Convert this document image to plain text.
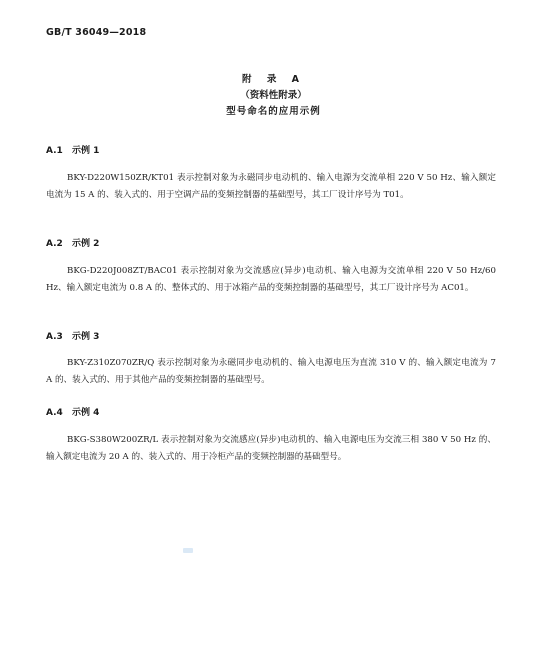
GB/T 36049—2018
附 录 A
（资料性附录）
型号命名的应用示例
A.1 示例 1
BKY-D220W150ZR/KT01 表示控制对象为永磁同步电动机的、输入电源为交流单相 220 V 50 Hz、输入额定电流为 15 A 的、装入式的、用于空调产品的变频控制器的基础型号，其工厂设计序号为 T01。
A.2 示例 2
BKG-D220J008ZT/BAC01 表示控制对象为交流感应(异步)电动机、输入电源为交流单相 220 V 50 Hz/60 Hz、输入额定电流为 0.8 A 的、整体式的、用于冰箱产品的变频控制器的基础型号，其工厂设计序号为 AC01。
A.3 示例 3
BKY-Z310Z070ZR/Q 表示控制对象为永磁同步电动机的、输入电源电压为直流 310 V 的、输入额定电流为 7 A 的、装入式的、用于其他产品的变频控制器的基础型号。
A.4 示例 4
BKG-S380W200ZR/L 表示控制对象为交流感应(异步)电动机的、输入电源电压为交流三相 380 V 50 Hz 的、输入额定电流为 20 A 的、装入式的、用于冷柜产品的变频控制器的基础型号。
